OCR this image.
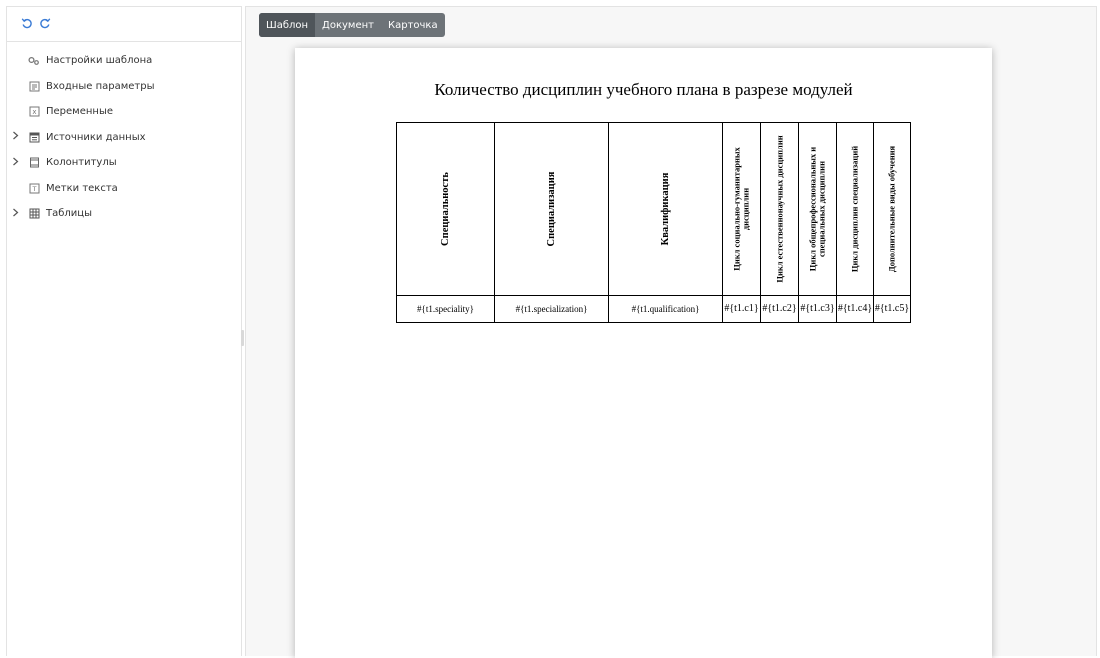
Настройки шаблона
Входные параметры
x Переменные
Источники данных
Колонтитулы
T Метки текста
Таблицы
Шаблон	Документ	Карточка
Количество дисциплин учебного плана в разрезе модулей
Специальность	Специализация	Квалификация	Цикл социально-гуманитарных дисциплин	Цикл естественнонаучных дисциплин	Цикл общепрофессиональных и специальных дисциплин	Цикл дисциплин специализаций	Дополнительные виды обучения

#{t1.speciality}	#{t1.specialization}	#{t1.qualification}	#{t1.c1}	#{t1.c2}	#{t1.c3}	#{t1.c4}	#{t1.c5}
